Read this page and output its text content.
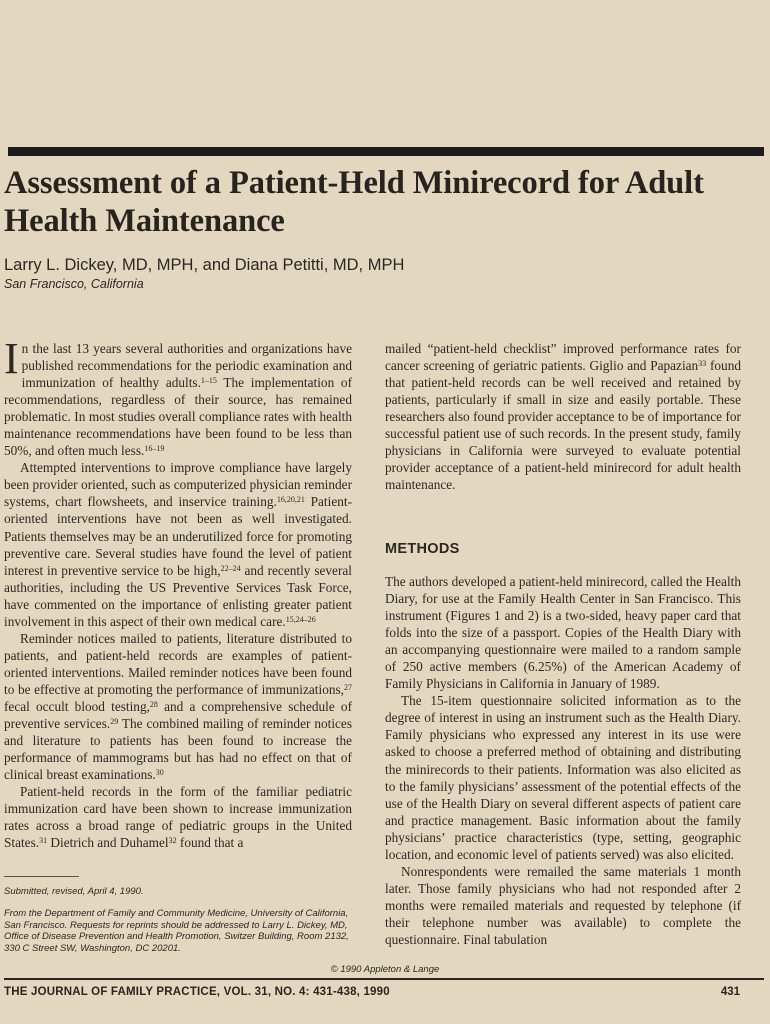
Assessment of a Patient-Held Minirecord for Adult Health Maintenance
Larry L. Dickey, MD, MPH, and Diana Petitti, MD, MPH
San Francisco, California

In the last 13 years several authorities and organizations have published recommendations for the periodic examination and immunization of healthy adults.$^{1-15}$ The implementation of recommendations, regardless of their source, has remained problematic. In most studies overall compliance rates with health maintenance recommendations have been found to be less than 50%, and often much less.$^{16-19}$

Attempted interventions to improve compliance have largely been provider oriented, such as computerized physician reminder systems, chart flowsheets, and inservice training.$^{16,20,21}$ Patient-oriented interventions have not been as well investigated. Patients themselves may be an underutilized force for promoting preventive care. Several studies have found the level of patient interest in preventive service to be high,$^{22-24}$ and recently several authorities, including the US Preventive Services Task Force, have commented on the importance of enlisting greater patient involvement in this aspect of their own medical care.$^{15,24-26}$

Reminder notices mailed to patients, literature distributed to patients, and patient-held records are examples of patient-oriented interventions. Mailed reminder notices have been found to be effective at promoting the performance of immunizations,$^{27}$ fecal occult blood testing,$^{28}$ and a comprehensive schedule of preventive services.$^{29}$ The combined mailing of reminder notices and literature to patients has been found to increase the performance of mammograms but has had no effect on that of clinical breast examinations.$^{30}$

Patient-held records in the form of the familiar pediatric immunization card have been shown to increase immunization rates across a broad range of pediatric groups in the United States.$^{31}$ Dietrich and Duhamel$^{32}$ found that a

mailed “patient-held checklist” improved performance rates for cancer screening of geriatric patients. Giglio and Papazian$^{33}$ found that patient-held records can be well received and retained by patients, particularly if small in size and easily portable. These researchers also found provider acceptance to be of importance for successful patient use of such records. In the present study, family physicians in California were surveyed to evaluate potential provider acceptance of a patient-held minirecord for adult health maintenance.

METHODS

The authors developed a patient-held minirecord, called the Health Diary, for use at the Family Health Center in San Francisco. This instrument (Figures 1 and 2) is a two-sided, heavy paper card that folds into the size of a passport. Copies of the Health Diary with an accompanying questionnaire were mailed to a random sample of 250 active members (6.25%) of the American Academy of Family Physicians in California in January of 1989.

The 15-item questionnaire solicited information as to the degree of interest in using an instrument such as the Health Diary. Family physicians who expressed any interest in its use were asked to choose a preferred method of obtaining and distributing the minirecords to their patients. Information was also elicited as to the family physicians’ assessment of the potential effects of the use of the Health Diary on several different aspects of patient care and practice management. Basic information about the family physicians’ practice characteristics (type, setting, geographic location, and economic level of patients served) was also elicited.

Nonrespondents were remailed the same materials 1 month later. Those family physicians who had not responded after 2 months were remailed materials and requested by telephone (if their telephone number was available) to complete the questionnaire. Final tabulation

Submitted, revised, April 4, 1990.
From the Department of Family and Community Medicine, University of California, San Francisco. Requests for reprints should be addressed to Larry L. Dickey, MD, Office of Disease Prevention and Health Promotion, Switzer Building, Room 2132, 330 C Street SW, Washington, DC 20201.
© 1990 Appleton & Lange
THE JOURNAL OF FAMILY PRACTICE, VOL. 31, NO. 4: 431-438, 1990	431
